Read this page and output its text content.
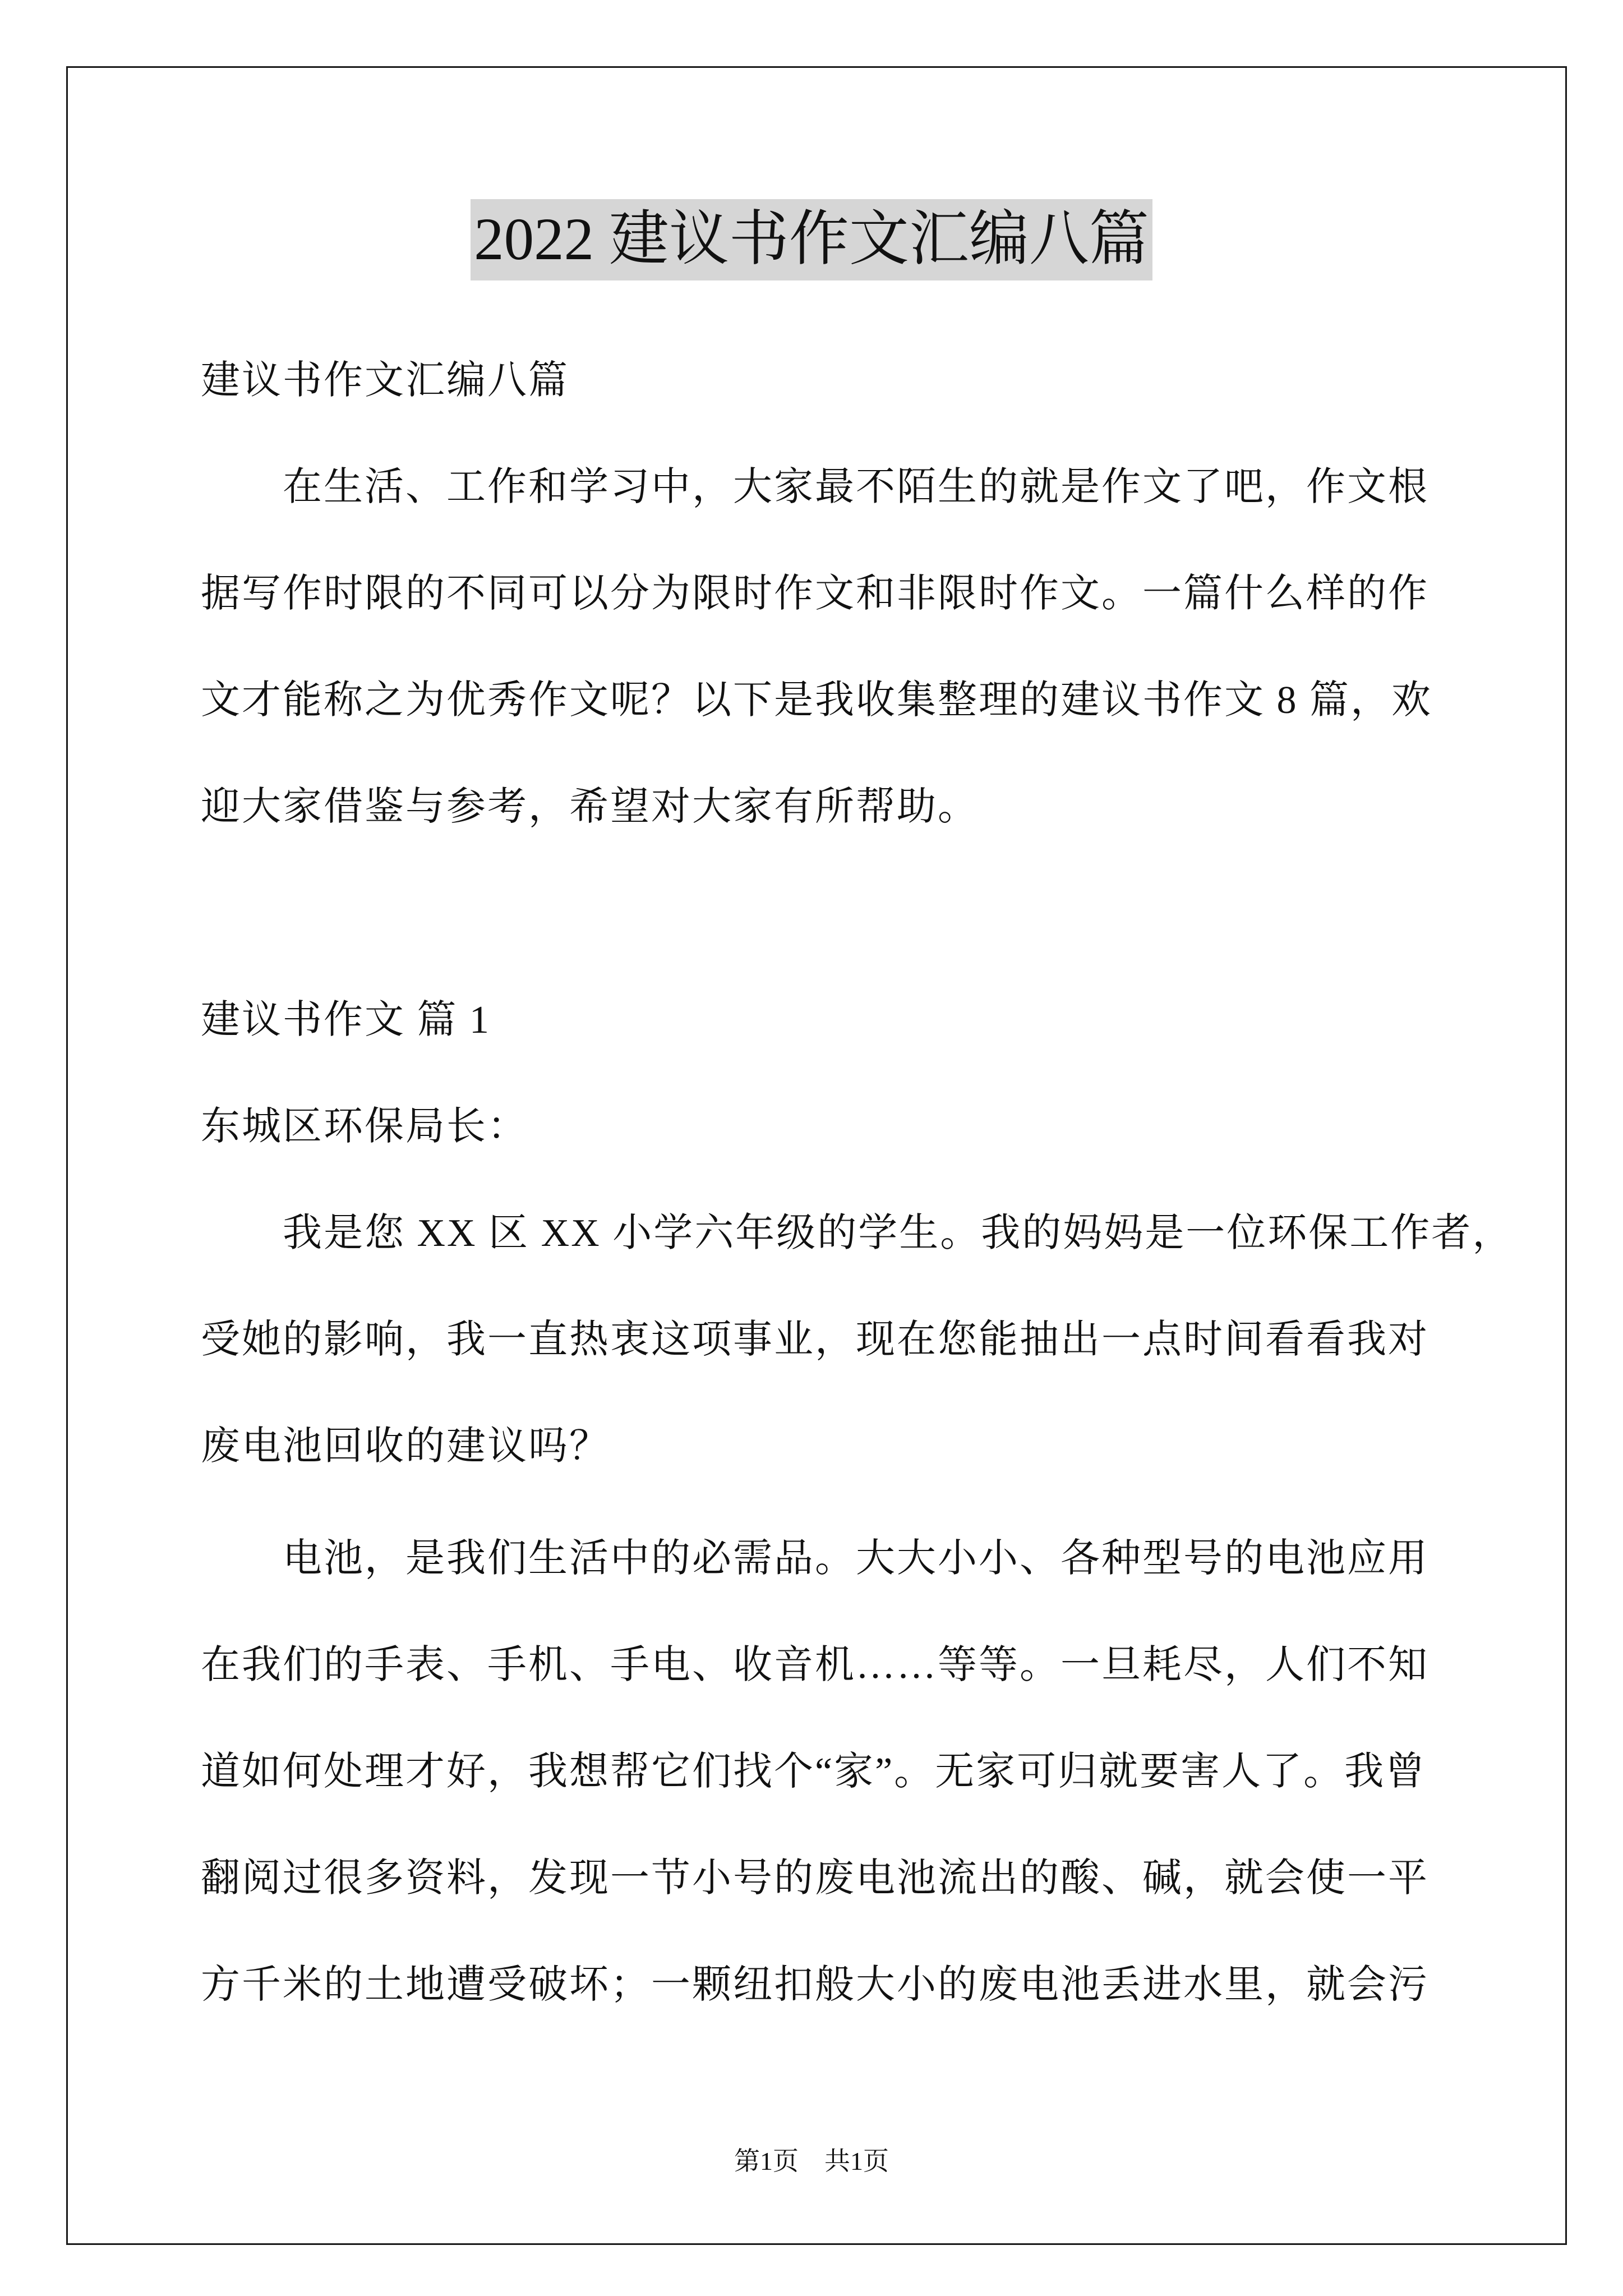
2022 建议书作文汇编八篇
建议书作文汇编八篇
在生活、工作和学习中，大家最不陌生的就是作文了吧，作文根
据写作时限的不同可以分为限时作文和非限时作文。一篇什么样的作
文才能称之为优秀作文呢？以下是我收集整理的建议书作文 8 篇，欢
迎大家借鉴与参考，希望对大家有所帮助。
建议书作文 篇 1
东城区环保局长：
我是您 XX 区 XX 小学六年级的学生。我的妈妈是一位环保工作者，
受她的影响，我一直热衷这项事业，现在您能抽出一点时间看看我对
废电池回收的建议吗？
电池，是我们生活中的必需品。大大小小、各种型号的电池应用
在我们的手表、手机、手电、收音机……等等。一旦耗尽，人们不知
道如何处理才好，我想帮它们找个“家”。无家可归就要害人了。我曾
翻阅过很多资料，发现一节小号的废电池流出的酸、碱，就会使一平
方千米的土地遭受破坏；一颗纽扣般大小的废电池丢进水里，就会污
第1页　共1页
